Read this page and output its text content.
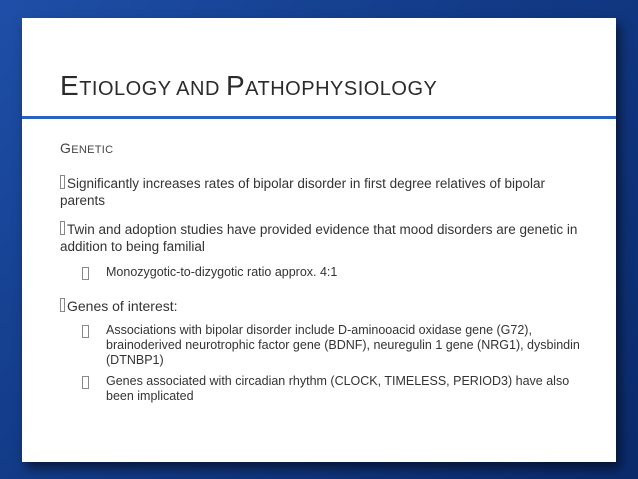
ETIOLOGY AND PATHOPHYSIOLOGY
GENETIC
Significantly increases rates of bipolar disorder in first degree relatives of bipolar parents
Twin and adoption studies have provided evidence that mood disorders are genetic in addition to being familial
Monozygotic-to-dizygotic ratio approx. 4:1
Genes of interest:
Associations with bipolar disorder include D-aminooacid oxidase gene (G72), brainoderived neurotrophic factor gene (BDNF), neuregulin 1 gene (NRG1), dysbindin (DTNBP1)
Genes associated with circadian rhythm (CLOCK, TIMELESS, PERIOD3) have also been implicated
